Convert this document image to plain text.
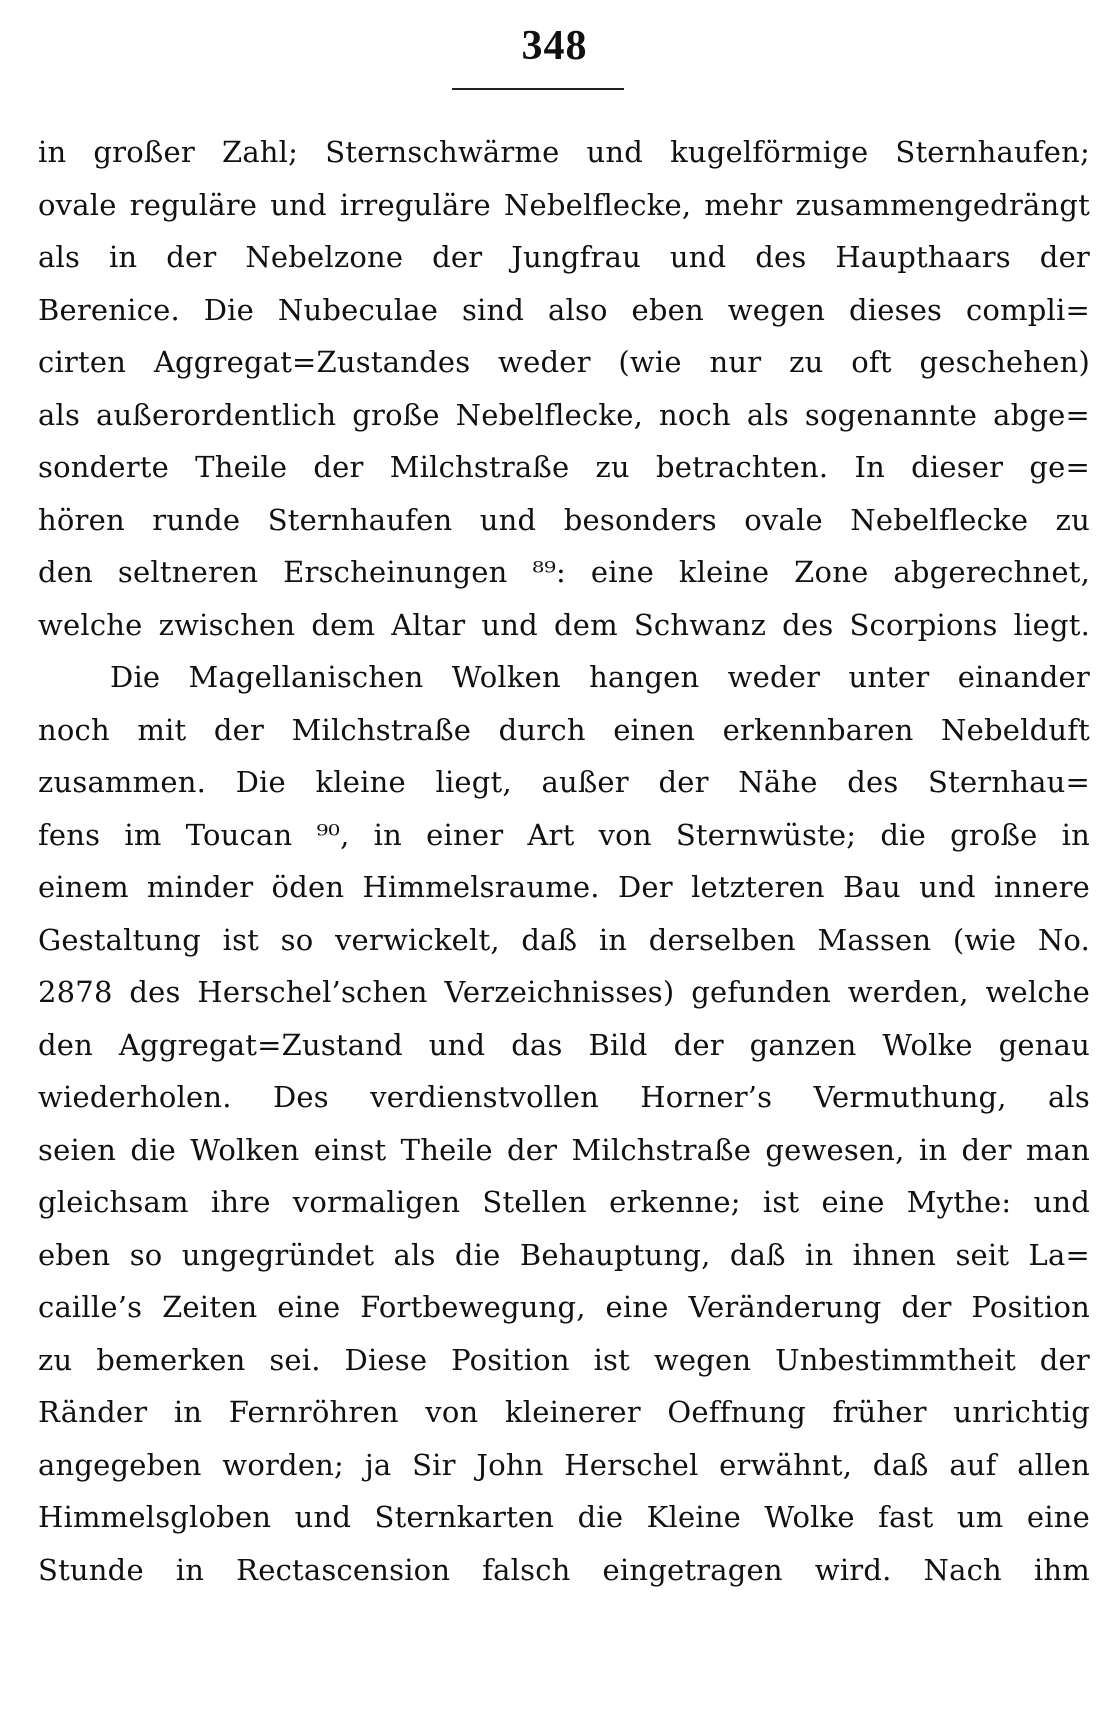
348
in großer Zahl; Sternschwärme und kugelförmige Sternhaufen;
ovale reguläre und irreguläre Nebelflecke, mehr zusammengedrängt
als in der Nebelzone der Jungfrau und des Haupthaars der
Berenice. Die Nubeculae sind also eben wegen dieses compli=
cirten Aggregat=Zustandes weder (wie nur zu oft geschehen)
als außerordentlich große Nebelflecke, noch als sogenannte abge=
sonderte Theile der Milchstraße zu betrachten. In dieser ge=
hören runde Sternhaufen und besonders ovale Nebelflecke zu
den seltneren Erscheinungen ⁸⁹: eine kleine Zone abgerechnet,
welche zwischen dem Altar und dem Schwanz des Scorpions liegt.
Die Magellanischen Wolken hangen weder unter einander
noch mit der Milchstraße durch einen erkennbaren Nebelduft
zusammen. Die kleine liegt, außer der Nähe des Sternhau=
fens im Toucan ⁹⁰, in einer Art von Sternwüste; die große in
einem minder öden Himmelsraume. Der letzteren Bau und innere
Gestaltung ist so verwickelt, daß in derselben Massen (wie No.
2878 des Herschel’schen Verzeichnisses) gefunden werden, welche
den Aggregat=Zustand und das Bild der ganzen Wolke genau
wiederholen. Des verdienstvollen Horner’s Vermuthung, als
seien die Wolken einst Theile der Milchstraße gewesen, in der man
gleichsam ihre vormaligen Stellen erkenne; ist eine Mythe: und
eben so ungegründet als die Behauptung, daß in ihnen seit La=
caille’s Zeiten eine Fortbewegung, eine Veränderung der Position
zu bemerken sei. Diese Position ist wegen Unbestimmtheit der
Ränder in Fernröhren von kleinerer Oeffnung früher unrichtig
angegeben worden; ja Sir John Herschel erwähnt, daß auf allen
Himmelsgloben und Sternkarten die Kleine Wolke fast um eine
Stunde in Rectascension falsch eingetragen wird. Nach ihm
